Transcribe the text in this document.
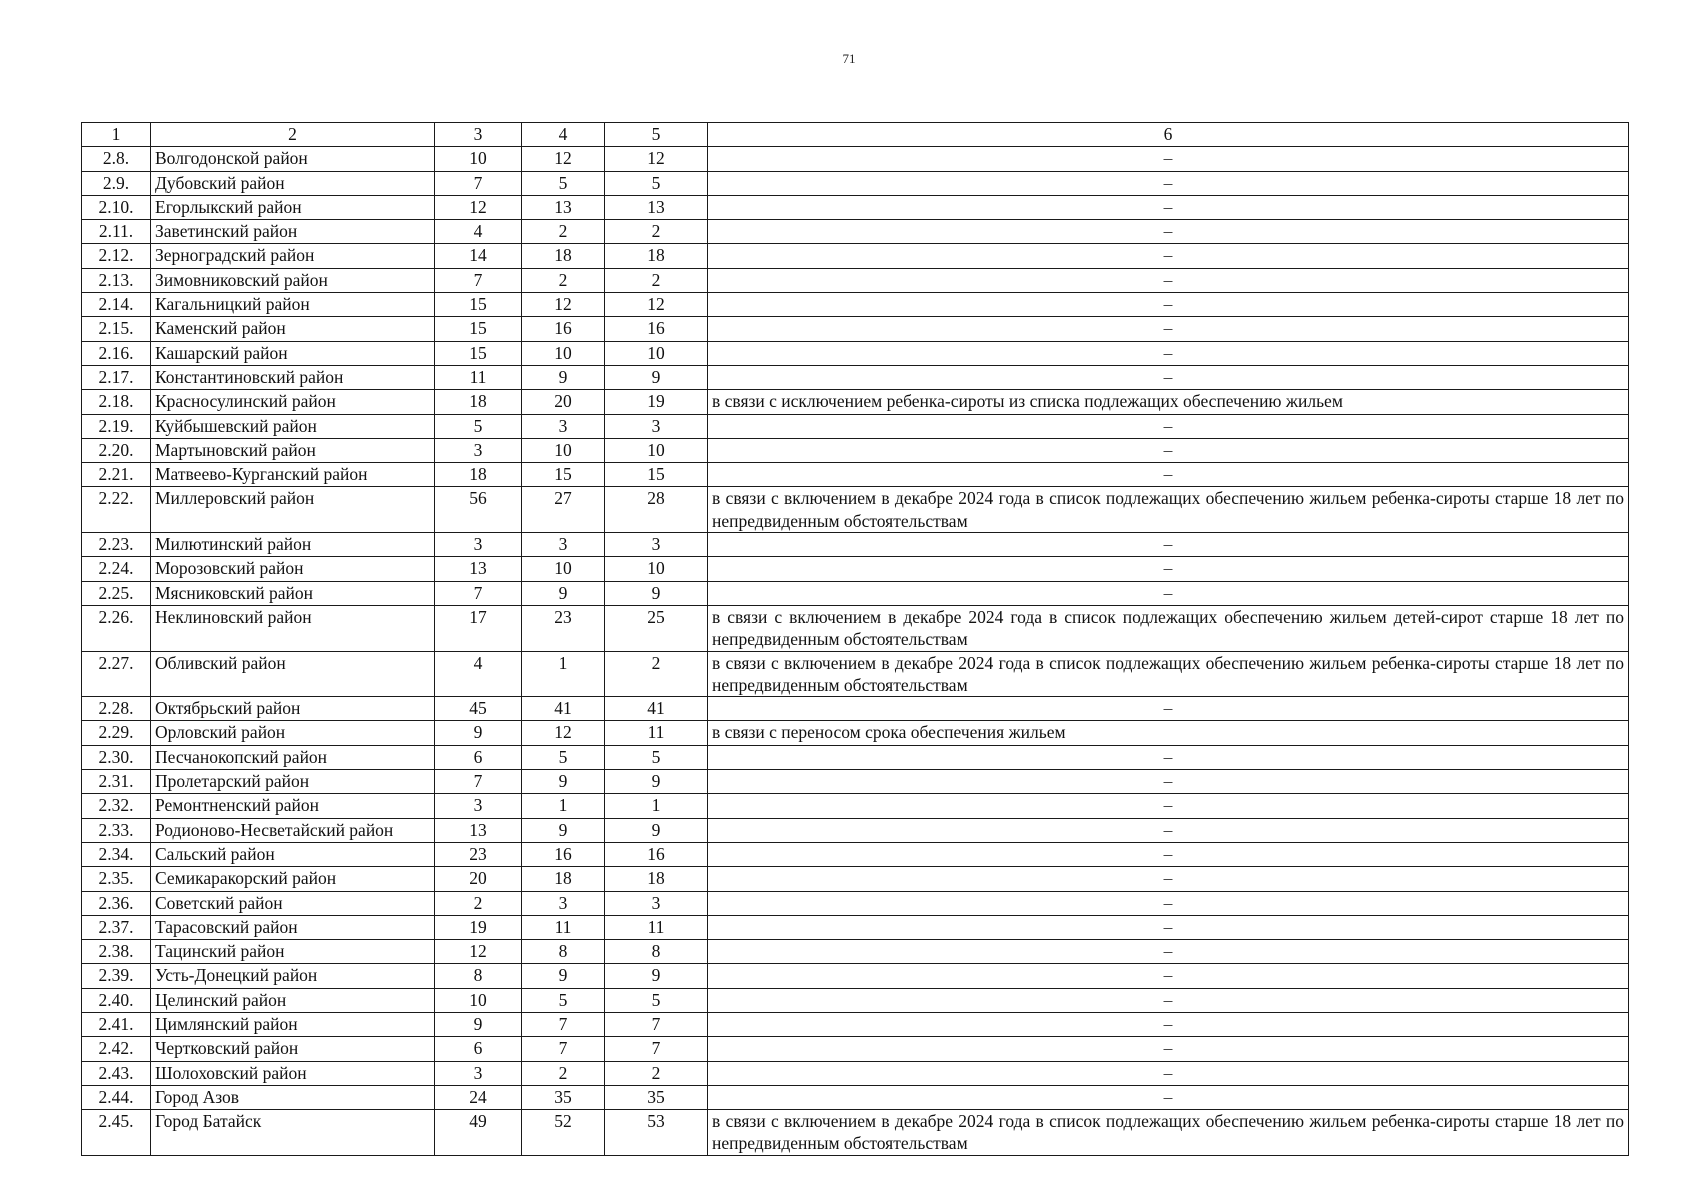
71
1	2	3	4	5	6
2.8.	Волгодонской район	10	12	12	–
2.9.	Дубовский район	7	5	5	–
2.10.	Егорлыкский район	12	13	13	–
2.11.	Заветинский район	4	2	2	–
2.12.	Зерноградский район	14	18	18	–
2.13.	Зимовниковский район	7	2	2	–
2.14.	Кагальницкий район	15	12	12	–
2.15.	Каменский район	15	16	16	–
2.16.	Кашарский район	15	10	10	–
2.17.	Константиновский район	11	9	9	–
2.18.	Красносулинский район	18	20	19	в связи с исключением ребенка-сироты из списка подлежащих обеспечению жильем
2.19.	Куйбышевский район	5	3	3	–
2.20.	Мартыновский район	3	10	10	–
2.21.	Матвеево-Курганский район	18	15	15	–
2.22.	Миллеровский район	56	27	28	в связи с включением в декабре 2024 года в список подлежащих обеспечению жильем ребенка-сироты старше 18 лет по непредвиденным обстоятельствам
2.23.	Милютинский район	3	3	3	–
2.24.	Морозовский район	13	10	10	–
2.25.	Мясниковский район	7	9	9	–
2.26.	Неклиновский район	17	23	25	в связи с включением в декабре 2024 года в список подлежащих обеспечению жильем детей-сирот старше 18 лет по непредвиденным обстоятельствам
2.27.	Обливский район	4	1	2	в связи с включением в декабре 2024 года в список подлежащих обеспечению жильем ребенка-сироты старше 18 лет по непредвиденным обстоятельствам
2.28.	Октябрьский район	45	41	41	–
2.29.	Орловский район	9	12	11	в связи с переносом срока обеспечения жильем
2.30.	Песчанокопский район	6	5	5	–
2.31.	Пролетарский район	7	9	9	–
2.32.	Ремонтненский район	3	1	1	–
2.33.	Родионово-Несветайский район	13	9	9	–
2.34.	Сальский район	23	16	16	–
2.35.	Семикаракорский район	20	18	18	–
2.36.	Советский район	2	3	3	–
2.37.	Тарасовский район	19	11	11	–
2.38.	Тацинский район	12	8	8	–
2.39.	Усть-Донецкий район	8	9	9	–
2.40.	Целинский район	10	5	5	–
2.41.	Цимлянский район	9	7	7	–
2.42.	Чертковский район	6	7	7	–
2.43.	Шолоховский район	3	2	2	–
2.44.	Город Азов	24	35	35	–
2.45.	Город Батайск	49	52	53	в связи с включением в декабре 2024 года в список подлежащих обеспечению жильем ребенка-сироты старше 18 лет по непредвиденным обстоятельствам
